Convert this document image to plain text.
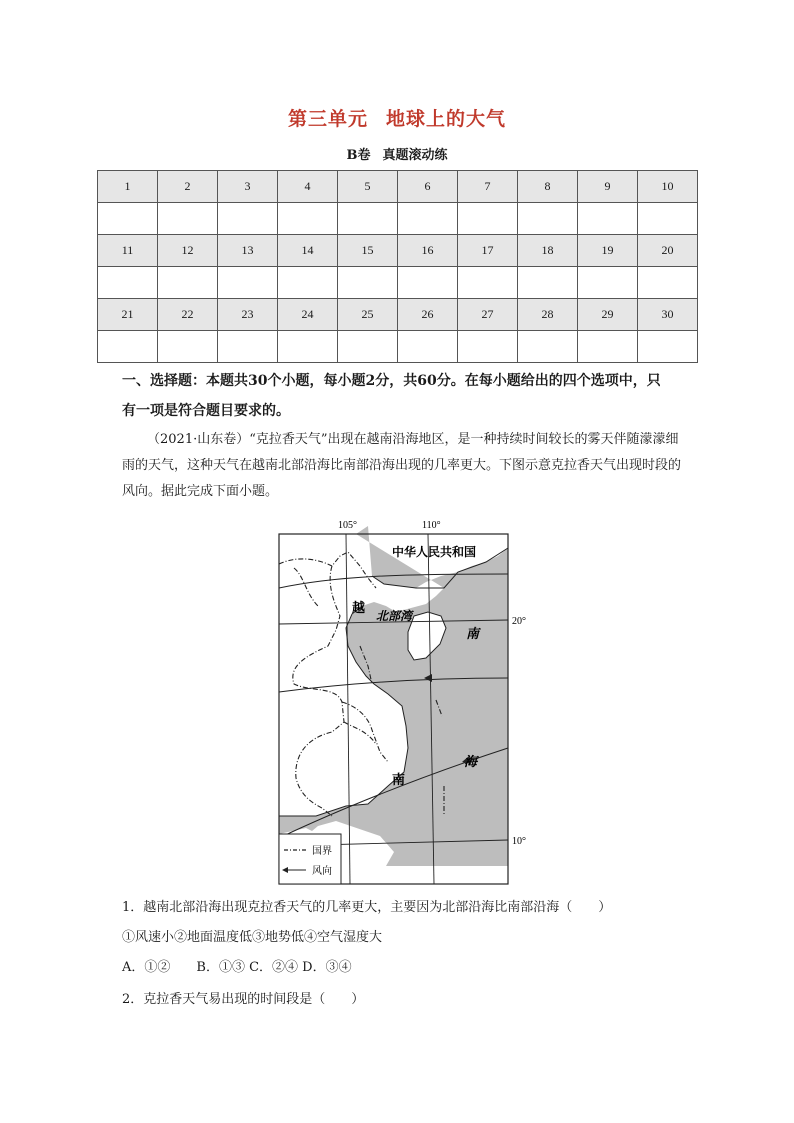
第三单元 地球上的大气
B卷 真题滚动练
1	2	3	4	5	6	7	8	9	10

11	12	13	14	15	16	17	18	19	20

21	22	23	24	25	26	27	28	29	30

一、选择题：本题共30个小题，每小题2分，共60分。在每小题给出的四个选项中，只
有一项是符合题目要求的。
（2021·山东卷）“克拉香天气”出现在越南沿海地区，是一种持续时间较长的雾天伴随濛濛细雨的天气，这种天气在越南北部沿海比南部沿海出现的几率更大。下图示意克拉香天气出现时段的风向。据此完成下面小题。
105°	110°
20°
10°
中华人民共和国
越
南
北部湾
南
海
国界
风向
1．越南北部沿海出现克拉香天气的几率更大，主要因为北部沿海比南部沿海（　　）
①风速小②地面温度低③地势低④空气湿度大
A．①②　　B．①③ C．②④ D．③④
2．克拉香天气易出现的时间段是（　　）
